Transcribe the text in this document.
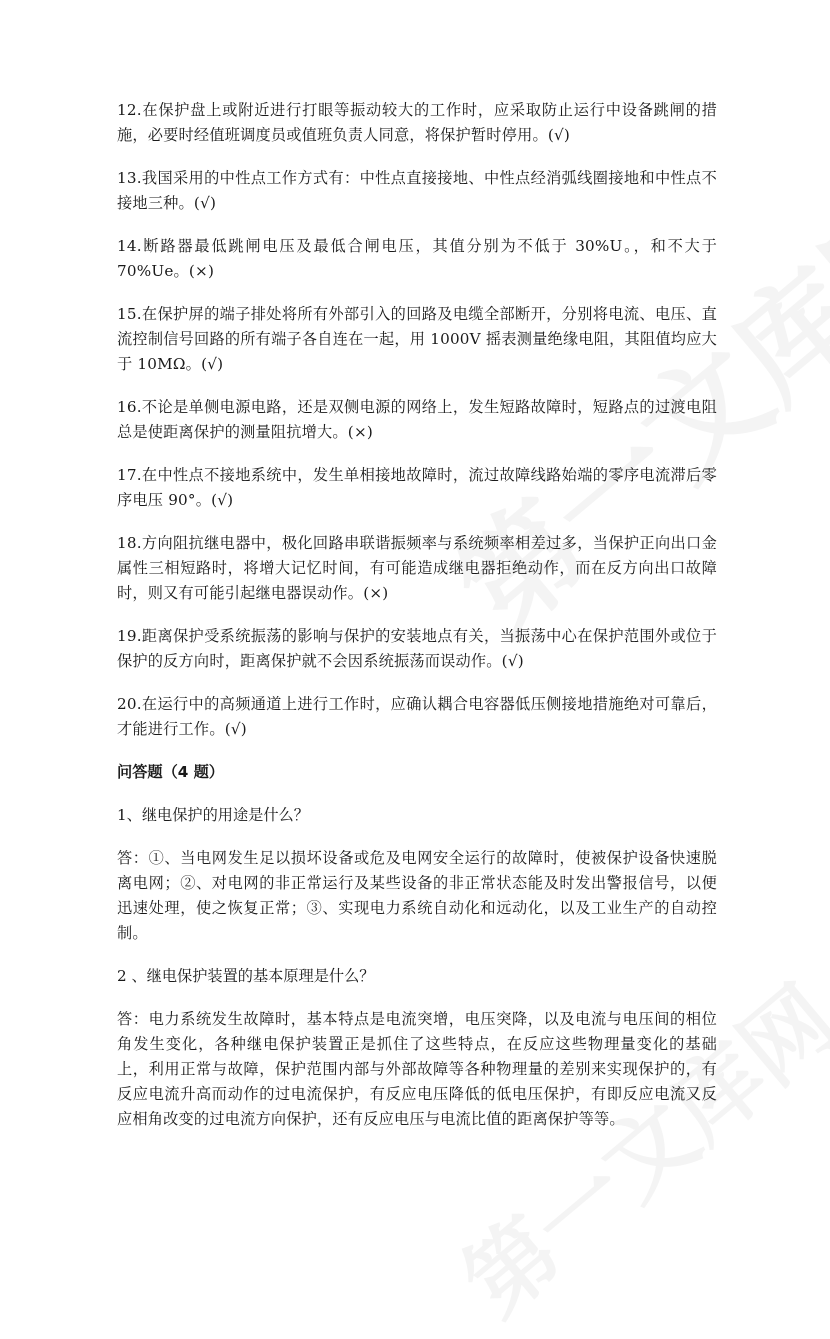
12.在保护盘上或附近进行打眼等振动较大的工作时，应采取防止运行中设备跳闸的措施，必要时经值班调度员或值班负责人同意，将保护暂时停用。(√)

13.我国采用的中性点工作方式有：中性点直接接地、中性点经消弧线圈接地和中性点不接地三种。(√)

14.断路器最低跳闸电压及最低合闸电压，其值分别为不低于 30%U。，和不大于 70%Ue。(×)

15.在保护屏的端子排处将所有外部引入的回路及电缆全部断开，分别将电流、电压、直流控制信号回路的所有端子各自连在一起，用 1000V 摇表测量绝缘电阻，其阻值均应大于 10MΩ。(√)

16.不论是单侧电源电路，还是双侧电源的网络上，发生短路故障时，短路点的过渡电阻总是使距离保护的测量阻抗增大。(×)

17.在中性点不接地系统中，发生单相接地故障时，流过故障线路始端的零序电流滞后零序电压 90°。(√)

18.方向阻抗继电器中，极化回路串联谐振频率与系统频率相差过多，当保护正向出口金属性三相短路时，将增大记忆时间，有可能造成继电器拒绝动作，而在反方向出口故障时，则又有可能引起继电器误动作。(×)

19.距离保护受系统振荡的影响与保护的安装地点有关，当振荡中心在保护范围外或位于保护的反方向时，距离保护就不会因系统振荡而误动作。(√)

20.在运行中的高频通道上进行工作时，应确认耦合电容器低压侧接地措施绝对可靠后，才能进行工作。(√)

问答题（4 题）

1、继电保护的用途是什么？

答：①、当电网发生足以损坏设备或危及电网安全运行的故障时，使被保护设备快速脱离电网；②、对电网的非正常运行及某些设备的非正常状态能及时发出警报信号，以便迅速处理，使之恢复正常；③、实现电力系统自动化和远动化，以及工业生产的自动控制。

2 、继电保护装置的基本原理是什么？

答：电力系统发生故障时，基本特点是电流突增，电压突降，以及电流与电压间的相位角发生变化，各种继电保护装置正是抓住了这些特点，在反应这些物理量变化的基础上，利用正常与故障，保护范围内部与外部故障等各种物理量的差别来实现保护的，有反应电流升高而动作的过电流保护，有反应电压降低的低电压保护，有即反应电流又反应相角改变的过电流方向保护，还有反应电压与电流比值的距离保护等等。
